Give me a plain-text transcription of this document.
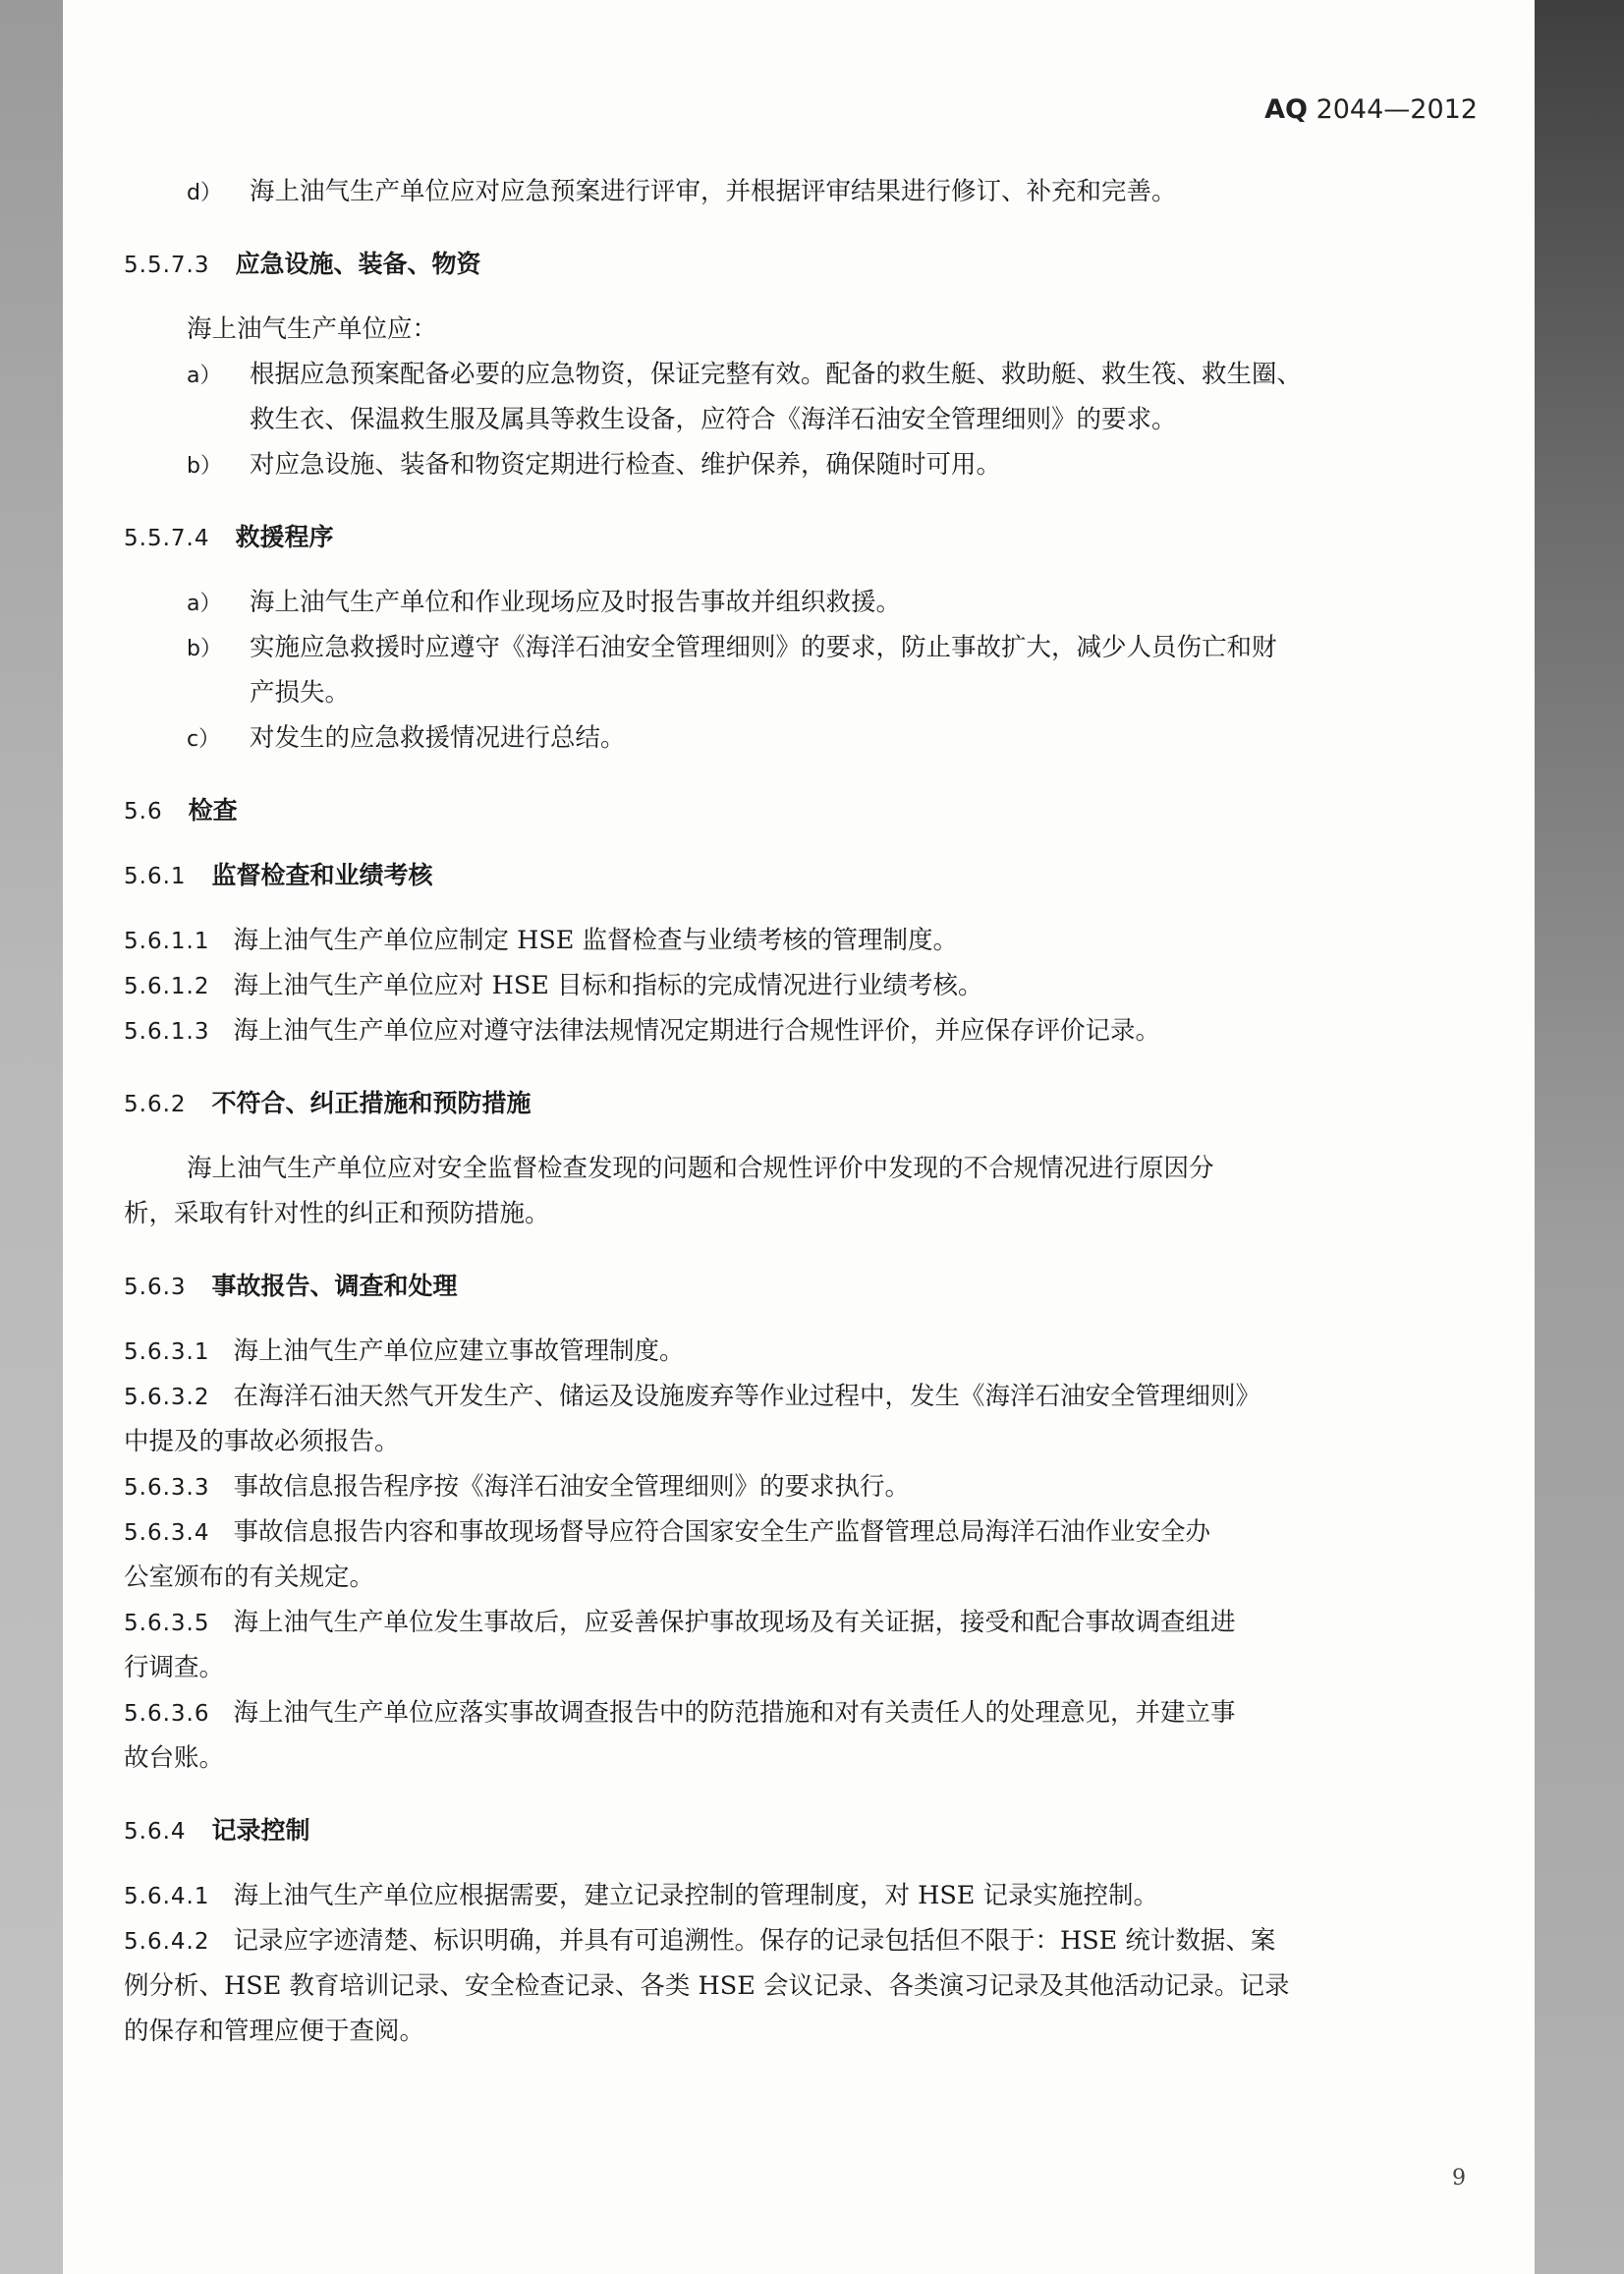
AQ 2044—2012
d） 海上油气生产单位应对应急预案进行评审，并根据评审结果进行修订、补充和完善。
5.5.7.3 应急设施、装备、物资
海上油气生产单位应：
a） 根据应急预案配备必要的应急物资，保证完整有效。配备的救生艇、救助艇、救生筏、救生圈、
救生衣、保温救生服及属具等救生设备，应符合《海洋石油安全管理细则》的要求。
b） 对应急设施、装备和物资定期进行检查、维护保养，确保随时可用。
5.5.7.4 救援程序
a） 海上油气生产单位和作业现场应及时报告事故并组织救援。
b） 实施应急救援时应遵守《海洋石油安全管理细则》的要求，防止事故扩大，减少人员伤亡和财
产损失。
c） 对发生的应急救援情况进行总结。
5.6 检查
5.6.1 监督检查和业绩考核
5.6.1.1 海上油气生产单位应制定 HSE 监督检查与业绩考核的管理制度。
5.6.1.2 海上油气生产单位应对 HSE 目标和指标的完成情况进行业绩考核。
5.6.1.3 海上油气生产单位应对遵守法律法规情况定期进行合规性评价，并应保存评价记录。
5.6.2 不符合、纠正措施和预防措施
海上油气生产单位应对安全监督检查发现的问题和合规性评价中发现的不合规情况进行原因分
析，采取有针对性的纠正和预防措施。
5.6.3 事故报告、调查和处理
5.6.3.1 海上油气生产单位应建立事故管理制度。
5.6.3.2 在海洋石油天然气开发生产、储运及设施废弃等作业过程中，发生《海洋石油安全管理细则》
中提及的事故必须报告。
5.6.3.3 事故信息报告程序按《海洋石油安全管理细则》的要求执行。
5.6.3.4 事故信息报告内容和事故现场督导应符合国家安全生产监督管理总局海洋石油作业安全办
公室颁布的有关规定。
5.6.3.5 海上油气生产单位发生事故后，应妥善保护事故现场及有关证据，接受和配合事故调查组进
行调查。
5.6.3.6 海上油气生产单位应落实事故调查报告中的防范措施和对有关责任人的处理意见，并建立事
故台账。
5.6.4 记录控制
5.6.4.1 海上油气生产单位应根据需要，建立记录控制的管理制度，对 HSE 记录实施控制。
5.6.4.2 记录应字迹清楚、标识明确，并具有可追溯性。保存的记录包括但不限于：HSE 统计数据、案
例分析、HSE 教育培训记录、安全检查记录、各类 HSE 会议记录、各类演习记录及其他活动记录。记录
的保存和管理应便于查阅。
9
